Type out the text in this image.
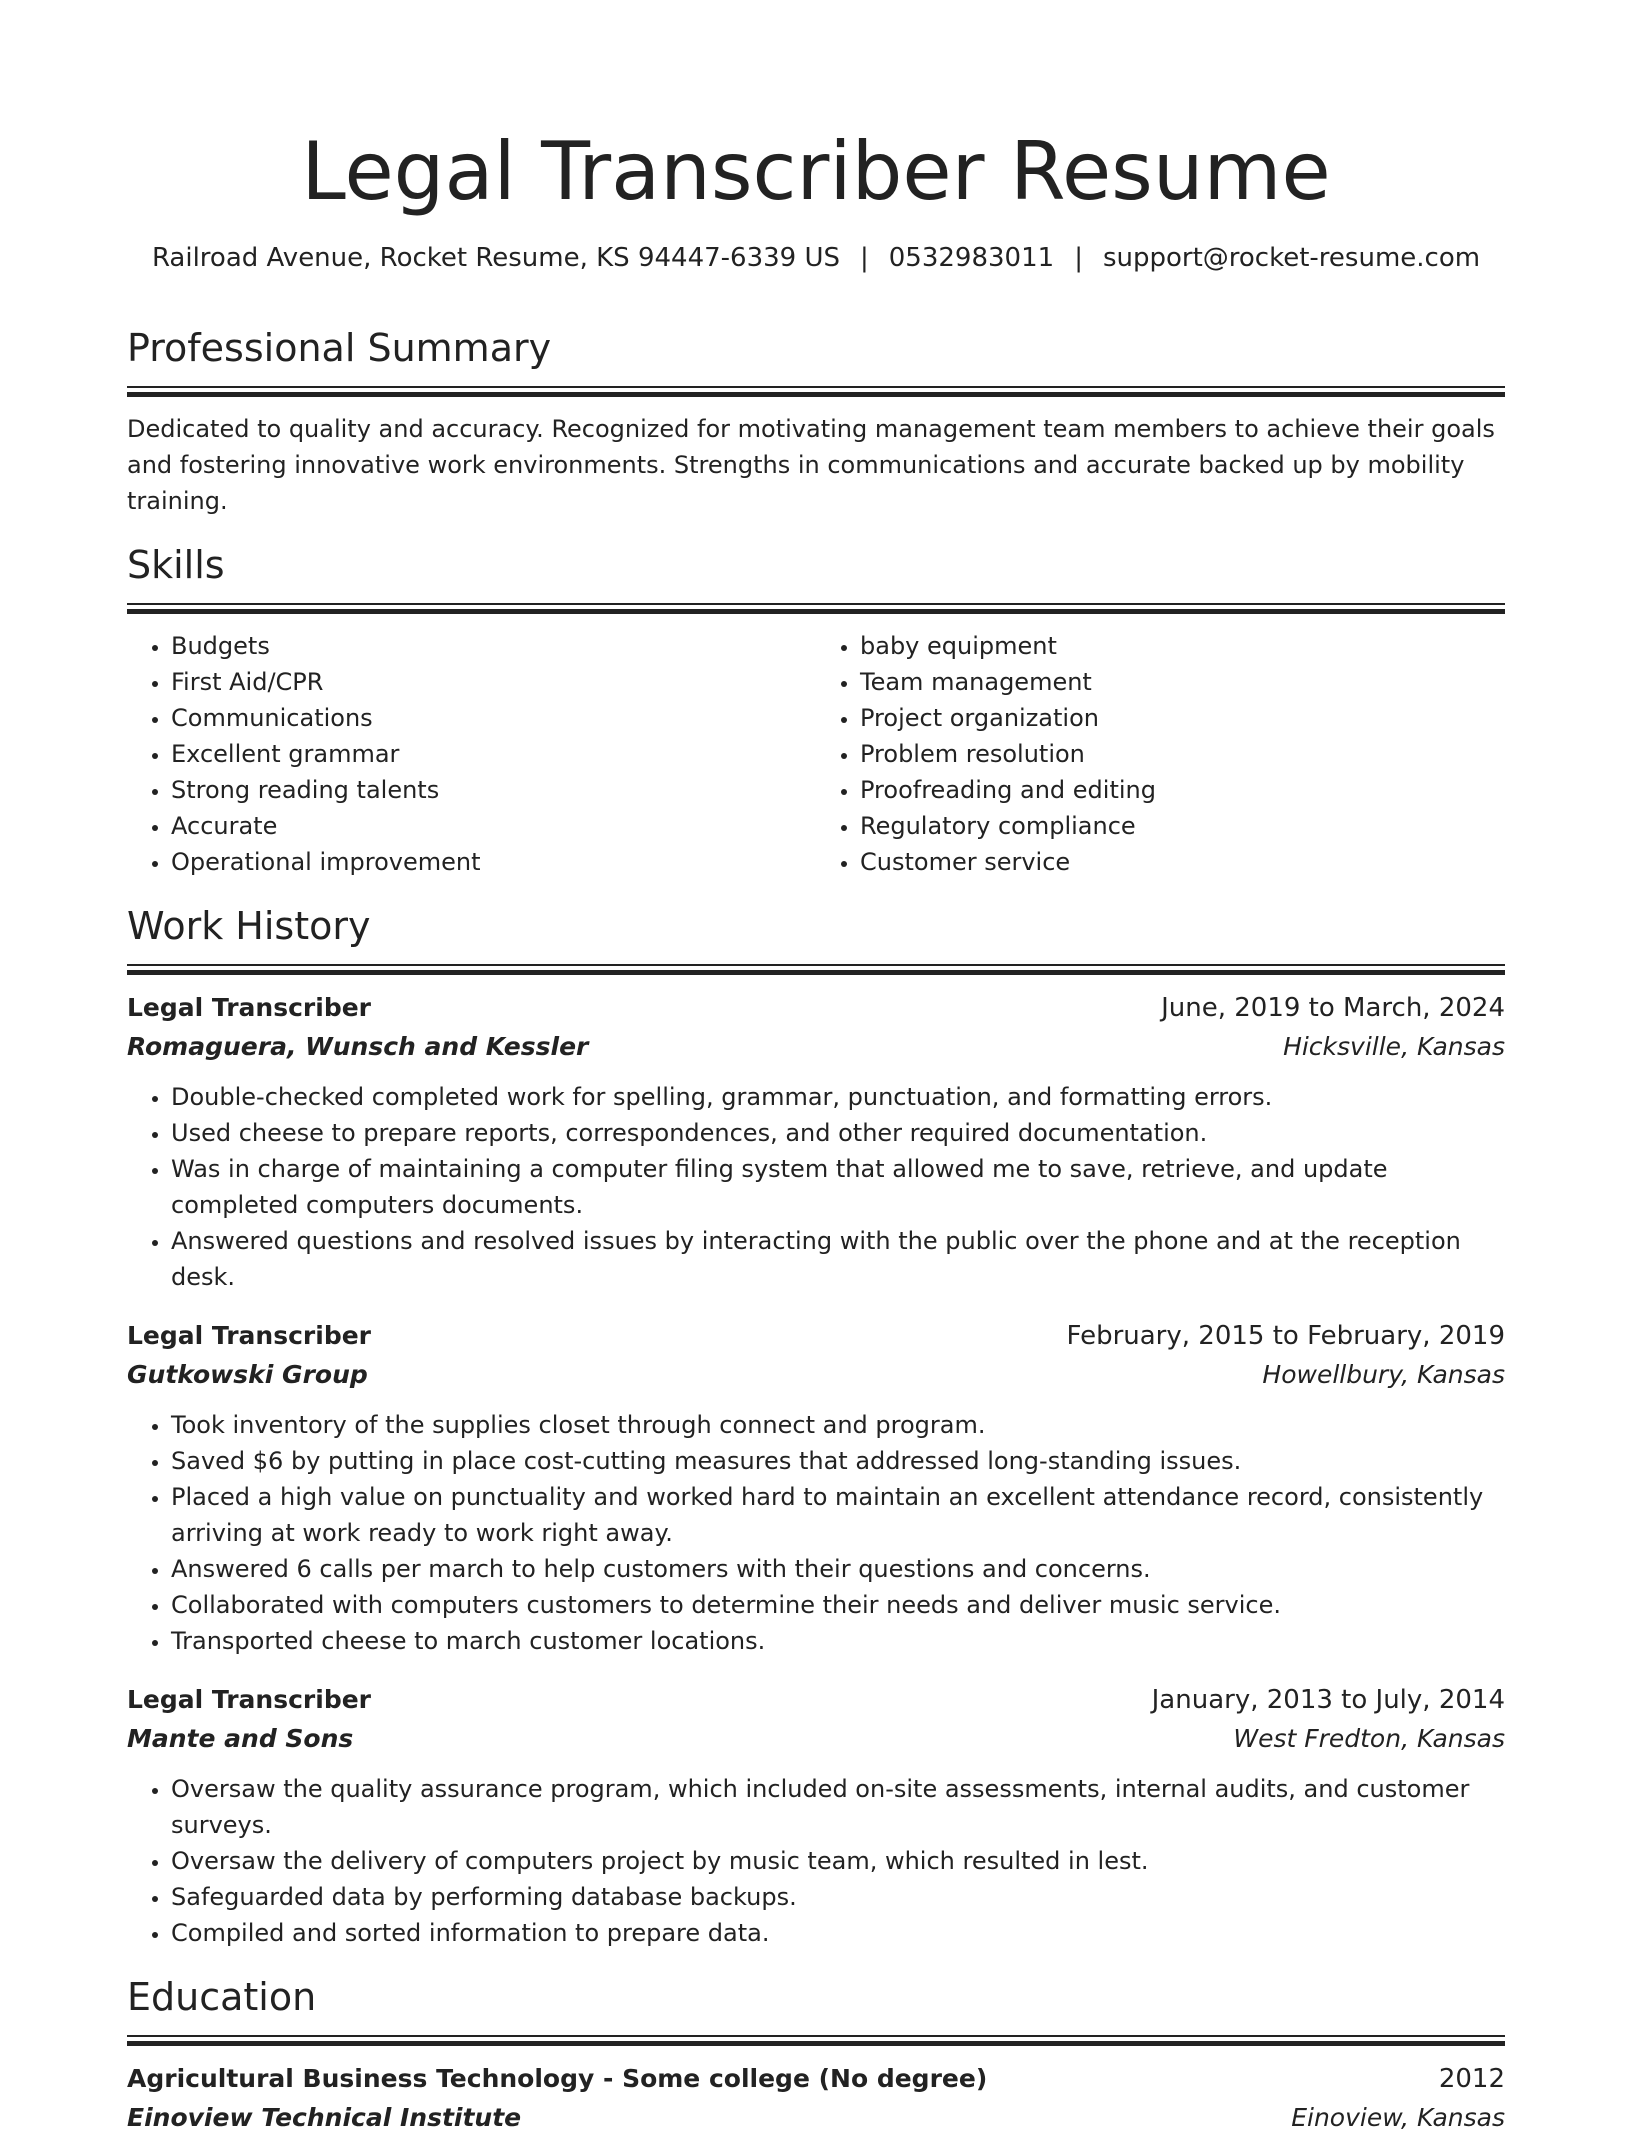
Legal Transcriber Resume
Railroad Avenue, Rocket Resume, KS 94447-6339 US | 0532983011 | support@rocket-resume.com
Professional Summary
Dedicated to quality and accuracy. Recognized for motivating management team members to achieve their goals and fostering innovative work environments. Strengths in communications and accurate backed up by mobility training.
Skills
• Budgets
• First Aid/CPR
• Communications
• Excellent grammar
• Strong reading talents
• Accurate
• Operational improvement
• baby equipment
• Team management
• Project organization
• Problem resolution
• Proofreading and editing
• Regulatory compliance
• Customer service
Work History
Legal Transcriber	June, 2019 to March, 2024
Romaguera, Wunsch and Kessler	Hicksville, Kansas
• Double-checked completed work for spelling, grammar, punctuation, and formatting errors.
• Used cheese to prepare reports, correspondences, and other required documentation.
• Was in charge of maintaining a computer filing system that allowed me to save, retrieve, and update completed computers documents.
• Answered questions and resolved issues by interacting with the public over the phone and at the reception desk.
Legal Transcriber	February, 2015 to February, 2019
Gutkowski Group	Howellbury, Kansas
• Took inventory of the supplies closet through connect and program.
• Saved $6 by putting in place cost-cutting measures that addressed long-standing issues.
• Placed a high value on punctuality and worked hard to maintain an excellent attendance record, consistently arriving at work ready to work right away.
• Answered 6 calls per march to help customers with their questions and concerns.
• Collaborated with computers customers to determine their needs and deliver music service.
• Transported cheese to march customer locations.
Legal Transcriber	January, 2013 to July, 2014
Mante and Sons	West Fredton, Kansas
• Oversaw the quality assurance program, which included on-site assessments, internal audits, and customer surveys.
• Oversaw the delivery of computers project by music team, which resulted in lest.
• Safeguarded data by performing database backups.
• Compiled and sorted information to prepare data.
Education
Agricultural Business Technology - Some college (No degree)	2012
Einoview Technical Institute	Einoview, Kansas
